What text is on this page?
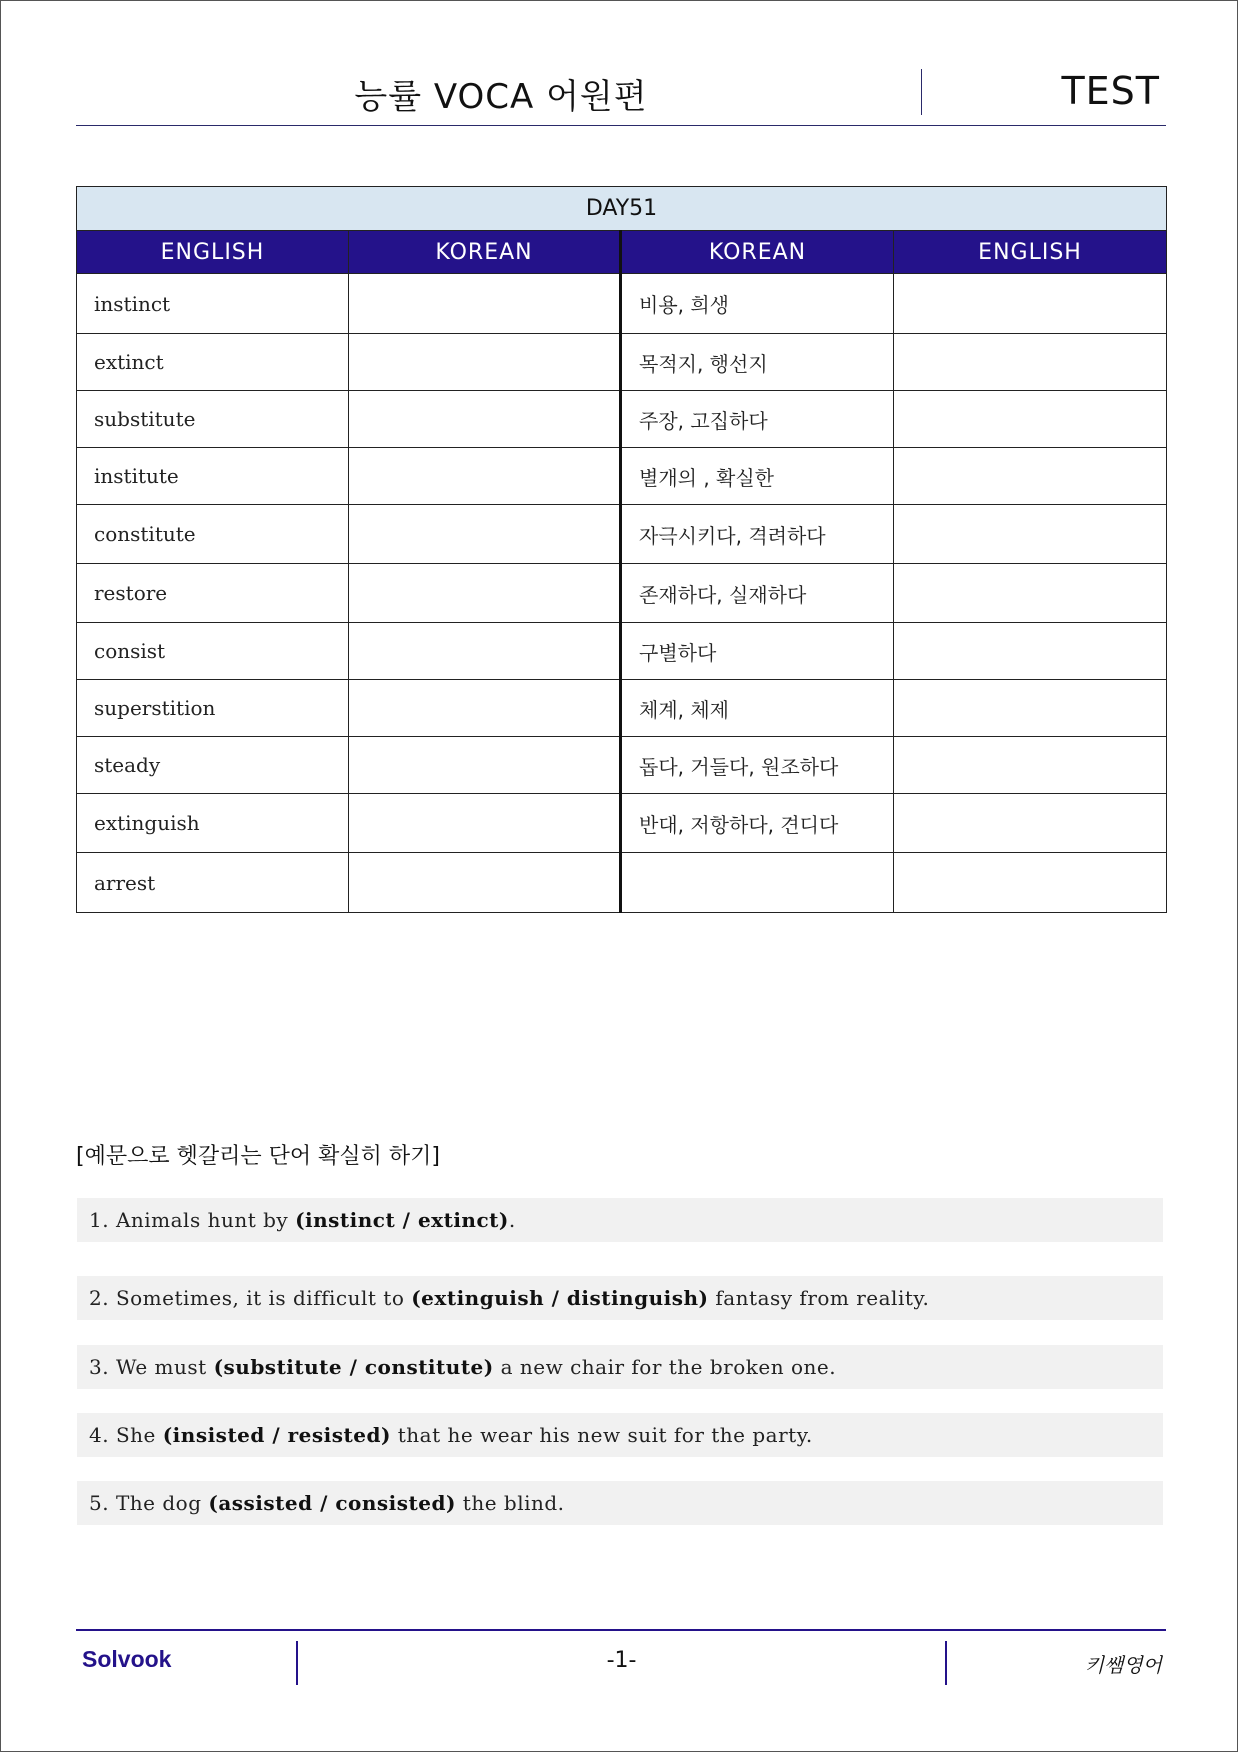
능률 VOCA 어원편	TEST
DAY51			
ENGLISH	KOREAN	KOREAN	ENGLISH
instinct		비용, 희생	
extinct		목적지, 행선지	
substitute		주장, 고집하다	
institute		별개의 , 확실한	
constitute		자극시키다, 격려하다	
restore		존재하다, 실재하다	
consist		구별하다	
superstition		체계, 체제	
steady		돕다, 거들다, 원조하다	
extinguish		반대, 저항하다, 견디다	
arrest			
[예문으로 헷갈리는 단어 확실히 하기]
1. Animals hunt by (instinct / extinct).
2. Sometimes, it is difficult to (extinguish / distinguish) fantasy from reality.
3. We must (substitute / constitute) a new chair for the broken one.
4. She (insisted / resisted) that he wear his new suit for the party.
5. The dog (assisted / consisted) the blind.
Solvook	-1-	키쌤영어
